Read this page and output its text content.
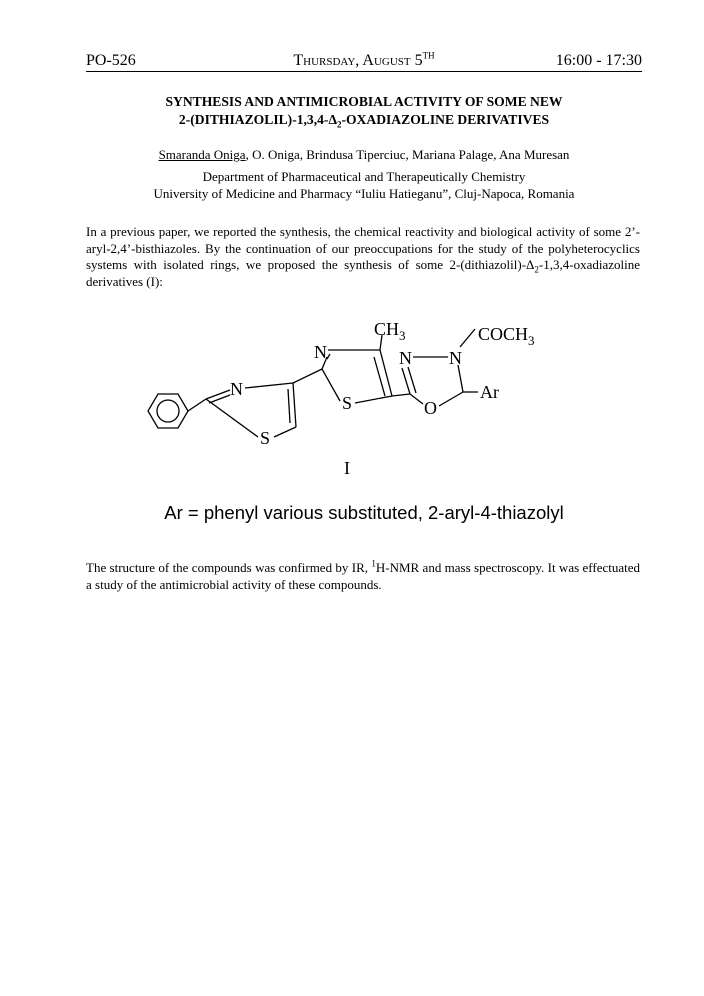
PO-526	Thursday, August 5TH	16:00 - 17:30
SYNTHESIS AND ANTIMICROBIAL ACTIVITY OF SOME NEW
$2-(DITHIAZOLIL)-1,3,4-\Delta_2$-OXADIAZOLINE DERIVATIVES
Smaranda Oniga, O. Oniga, Brindusa Tiperciuc, Mariana Palage, Ana Muresan
Department of Pharmaceutical and Therapeutically Chemistry
University of Medicine and Pharmacy “Iuliu Hatieganu”, Cluj-Napoca, Romania
In a previous paper, we reported the synthesis, the chemical reactivity and biological activity of some 2’-aryl-2,4’-bisthiazoles. By the continuation of our preoccupations for the study of the polyheterocyclics systems with isolated rings, we proposed the synthesis of some $2-(dithiazolil)-\Delta_2-1,3,4$-oxadiazoline derivatives (I):
N
S
N
S
$CH_3$
N N
O
$COCH_3$
Ar
I
Ar = phenyl various substituted, 2-aryl-4-thiazolyl
The structure of the compounds was confirmed by IR, $^1$H-NMR and mass spectroscopy. It was effectuated a study of the antimicrobial activity of these compounds.
